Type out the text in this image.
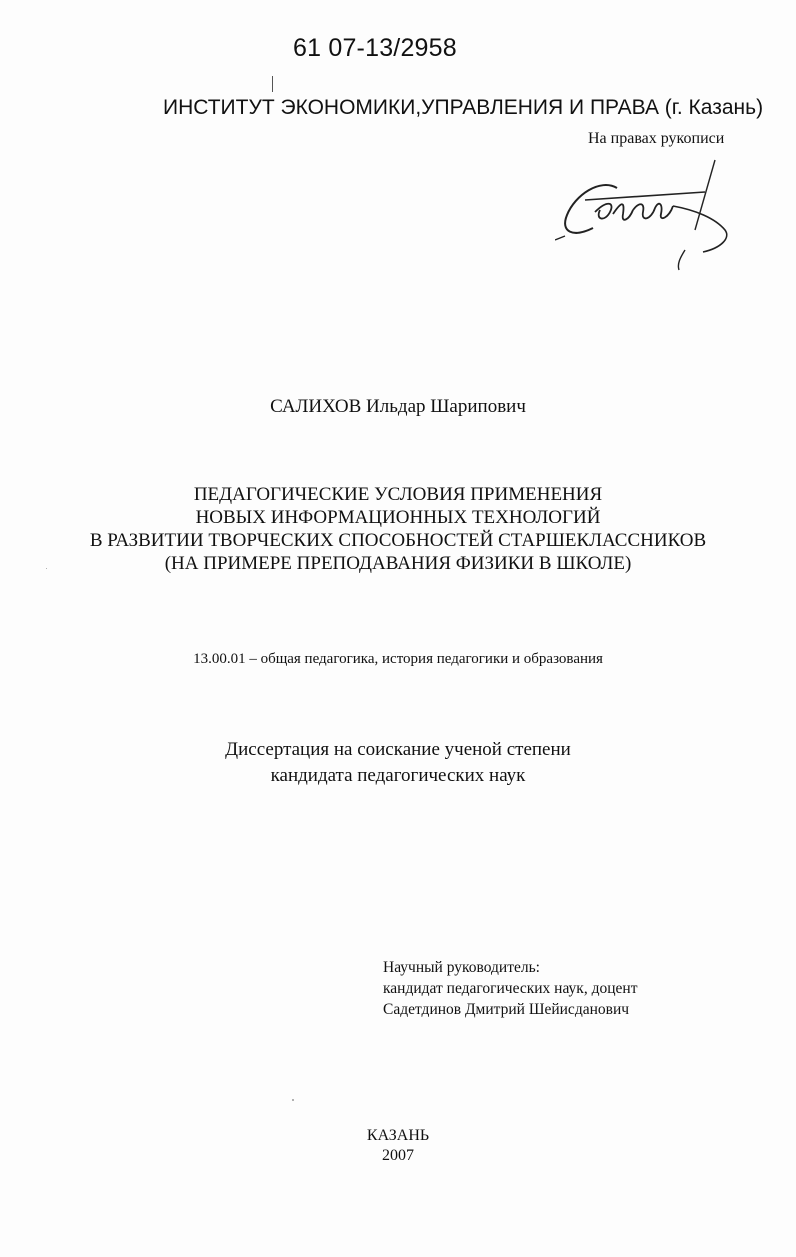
61 07-13/2958
ИНСТИТУТ ЭКОНОМИКИ,УПРАВЛЕНИЯ И ПРАВА (г. Казань)
На правах рукописи
САЛИХОВ Ильдар Шарипович
ПЕДАГОГИЧЕСКИЕ УСЛОВИЯ ПРИМЕНЕНИЯ
НОВЫХ ИНФОРМАЦИОННЫХ ТЕХНОЛОГИЙ
В РАЗВИТИИ ТВОРЧЕСКИХ СПОСОБНОСТЕЙ СТАРШЕКЛАССНИКОВ
(НА ПРИМЕРЕ ПРЕПОДАВАНИЯ ФИЗИКИ В ШКОЛЕ)
13.00.01 – общая педагогика, история педагогики и образования
Диссертация на соискание ученой степени
кандидата педагогических наук
Научный руководитель:
кандидат педагогических наук, доцент
Садетдинов Дмитрий Шейисданович
КАЗАНЬ
2007
